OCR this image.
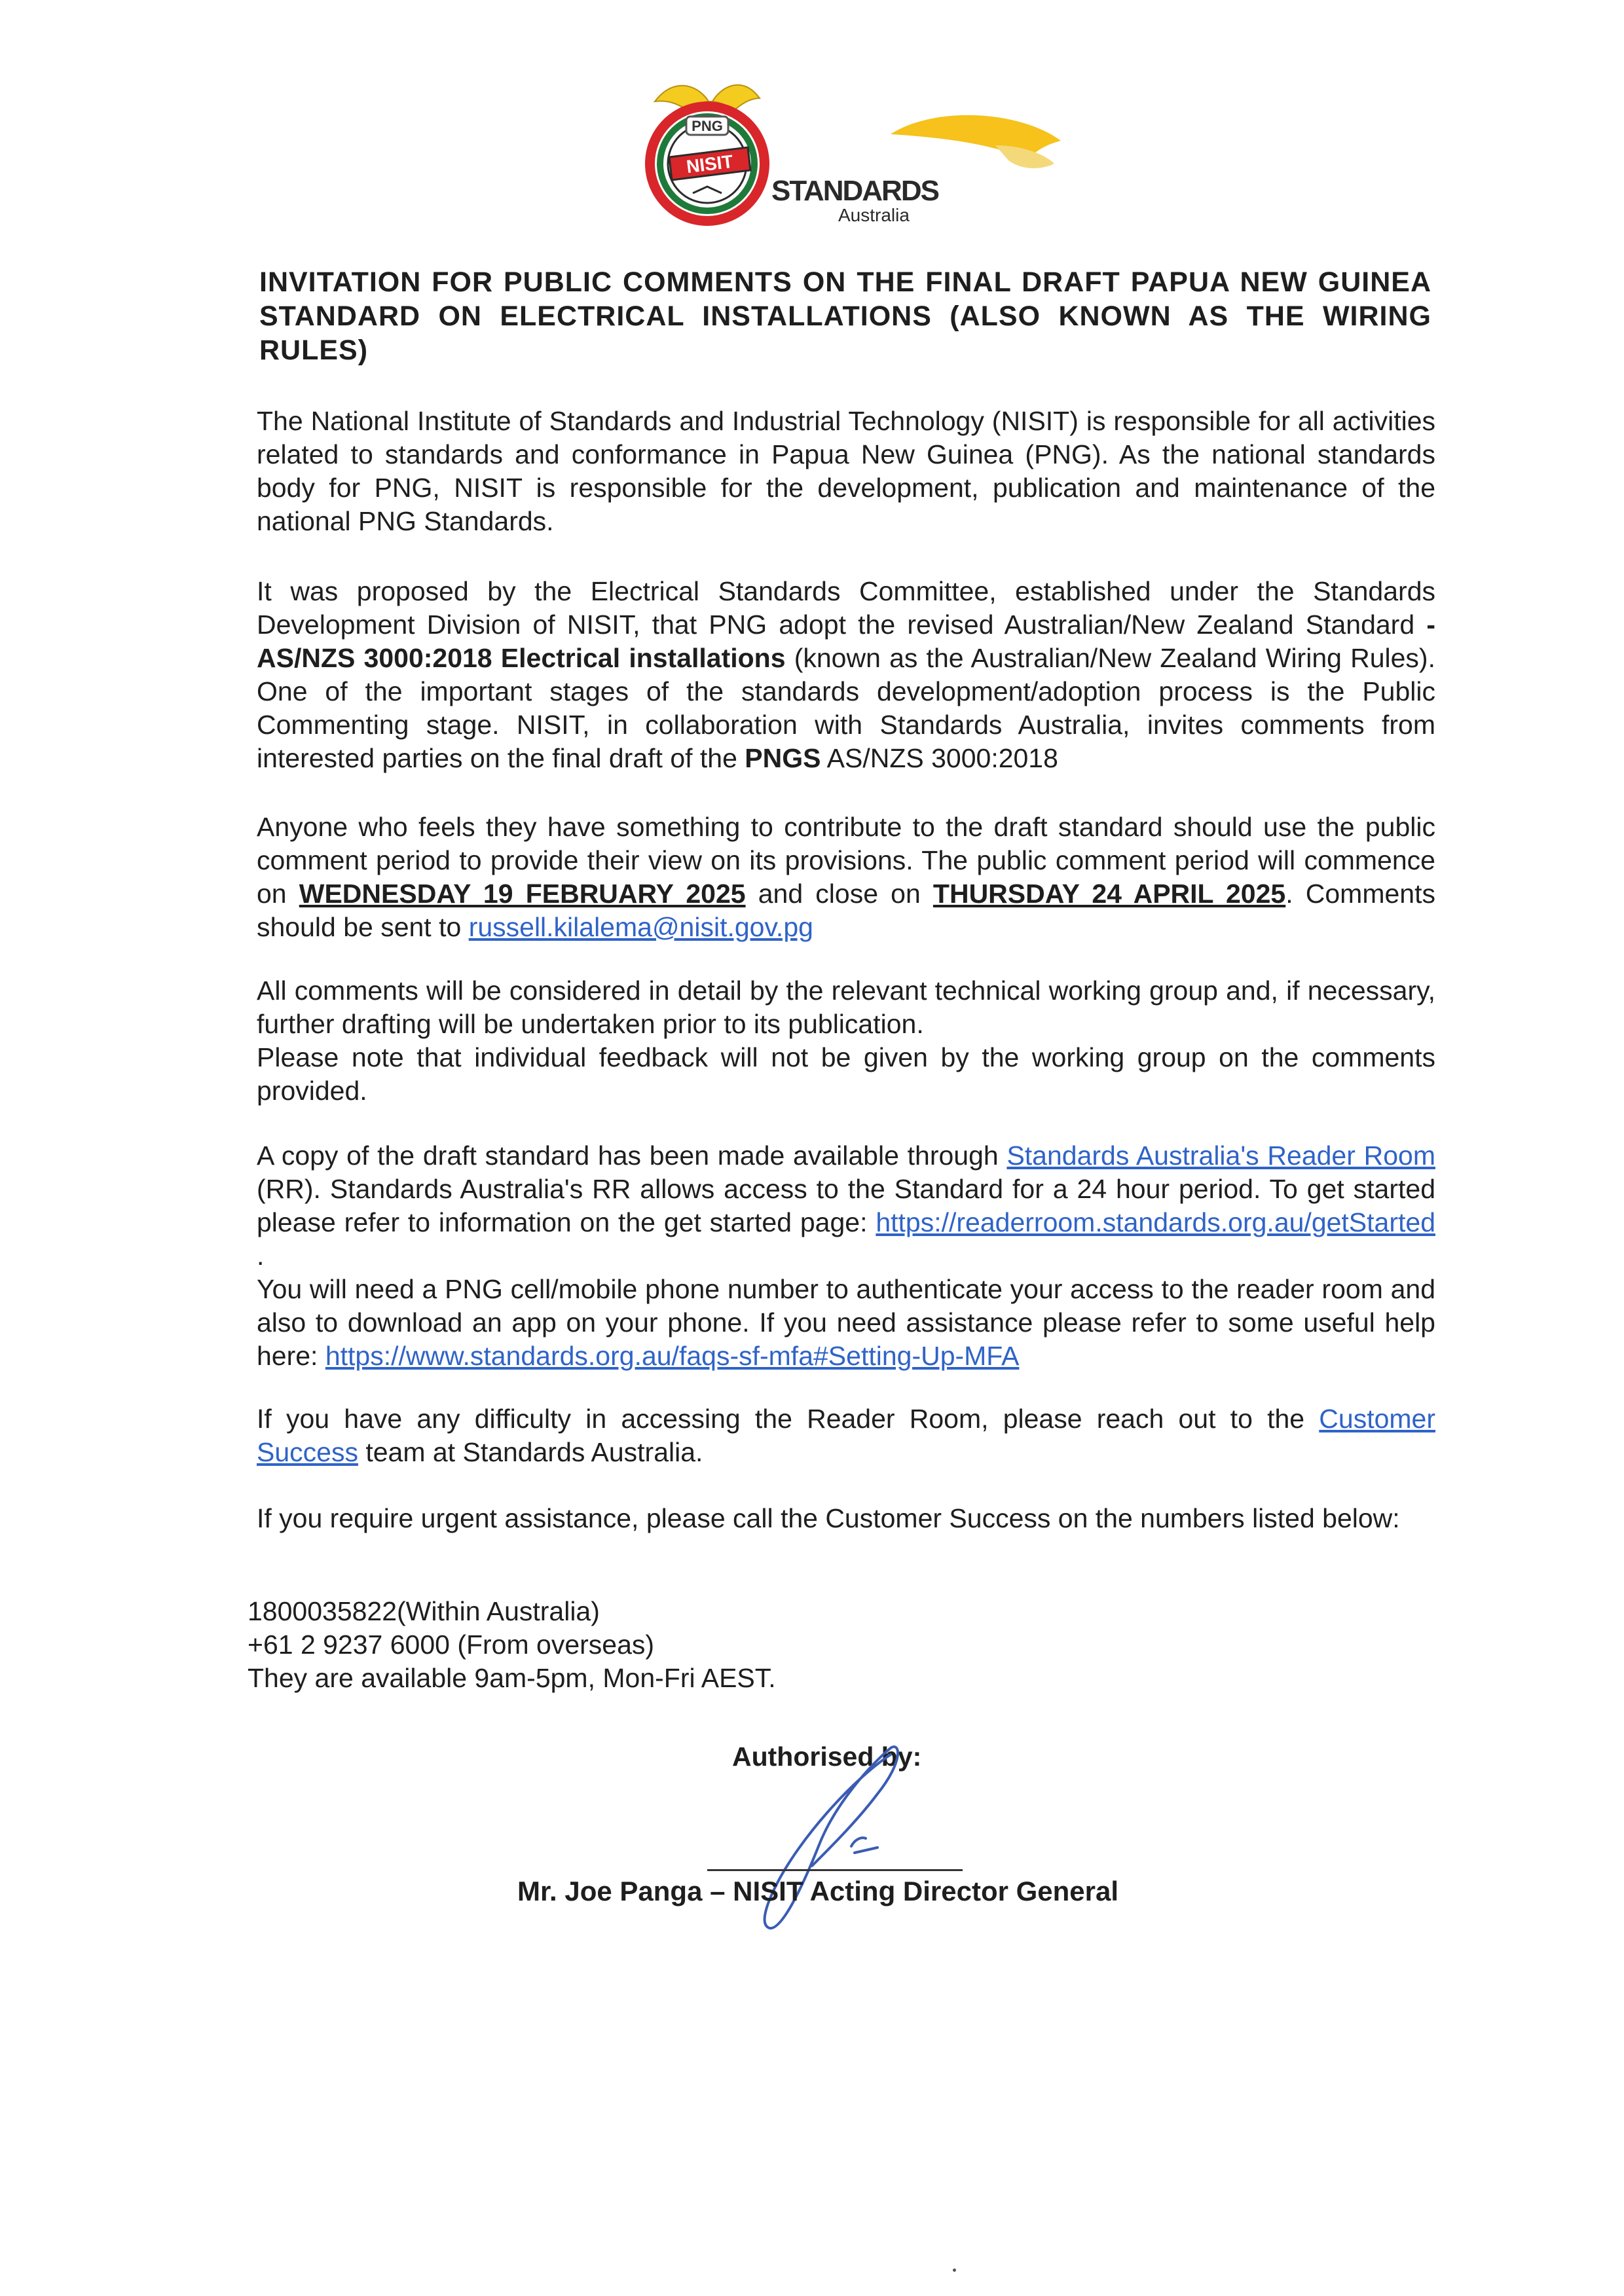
PNG
NISIT
STANDARDS
Australia

INVITATION FOR PUBLIC COMMENTS ON THE FINAL DRAFT PAPUA NEW GUINEA STANDARD ON ELECTRICAL INSTALLATIONS (ALSO KNOWN AS THE WIRING RULES)

The National Institute of Standards and Industrial Technology (NISIT) is responsible for all activities related to standards and conformance in Papua New Guinea (PNG). As the national standards body for PNG, NISIT is responsible for the development, publication and maintenance of the national PNG Standards.

It was proposed by the Electrical Standards Committee, established under the Standards Development Division of NISIT, that PNG adopt the revised Australian/New Zealand Standard - AS/NZS 3000:2018 Electrical installations (known as the Australian/New Zealand Wiring Rules). One of the important stages of the standards development/adoption process is the Public Commenting stage. NISIT, in collaboration with Standards Australia, invites comments from interested parties on the final draft of the PNGS AS/NZS 3000:2018

Anyone who feels they have something to contribute to the draft standard should use the public comment period to provide their view on its provisions. The public comment period will commence on WEDNESDAY 19 FEBRUARY 2025 and close on THURSDAY 24 APRIL 2025. Comments should be sent to russell.kilalema@nisit.gov.pg

All comments will be considered in detail by the relevant technical working group and, if necessary, further drafting will be undertaken prior to its publication.
Please note that individual feedback will not be given by the working group on the comments provided.
A copy of the draft standard has been made available through Standards Australia's Reader Room (RR). Standards Australia's RR allows access to the Standard for a 24 hour period. To get started please refer to information on the get started page: https://readerroom.standards.org.au/getStarted .
You will need a PNG cell/mobile phone number to authenticate your access to the reader room and also to download an app on your phone. If you need assistance please refer to some useful help here: https://www.standards.org.au/faqs-sf-mfa#Setting-Up-MFA

If you have any difficulty in accessing the Reader Room, please reach out to the Customer Success team at Standards Australia.

If you require urgent assistance, please call the Customer Success on the numbers listed below:

1800035822(Within Australia)

+61 2 9237 6000 (From overseas)

They are available 9am-5pm, Mon-Fri AEST.

Authorised by:
Mr. Joe Panga – NISIT Acting Director General
